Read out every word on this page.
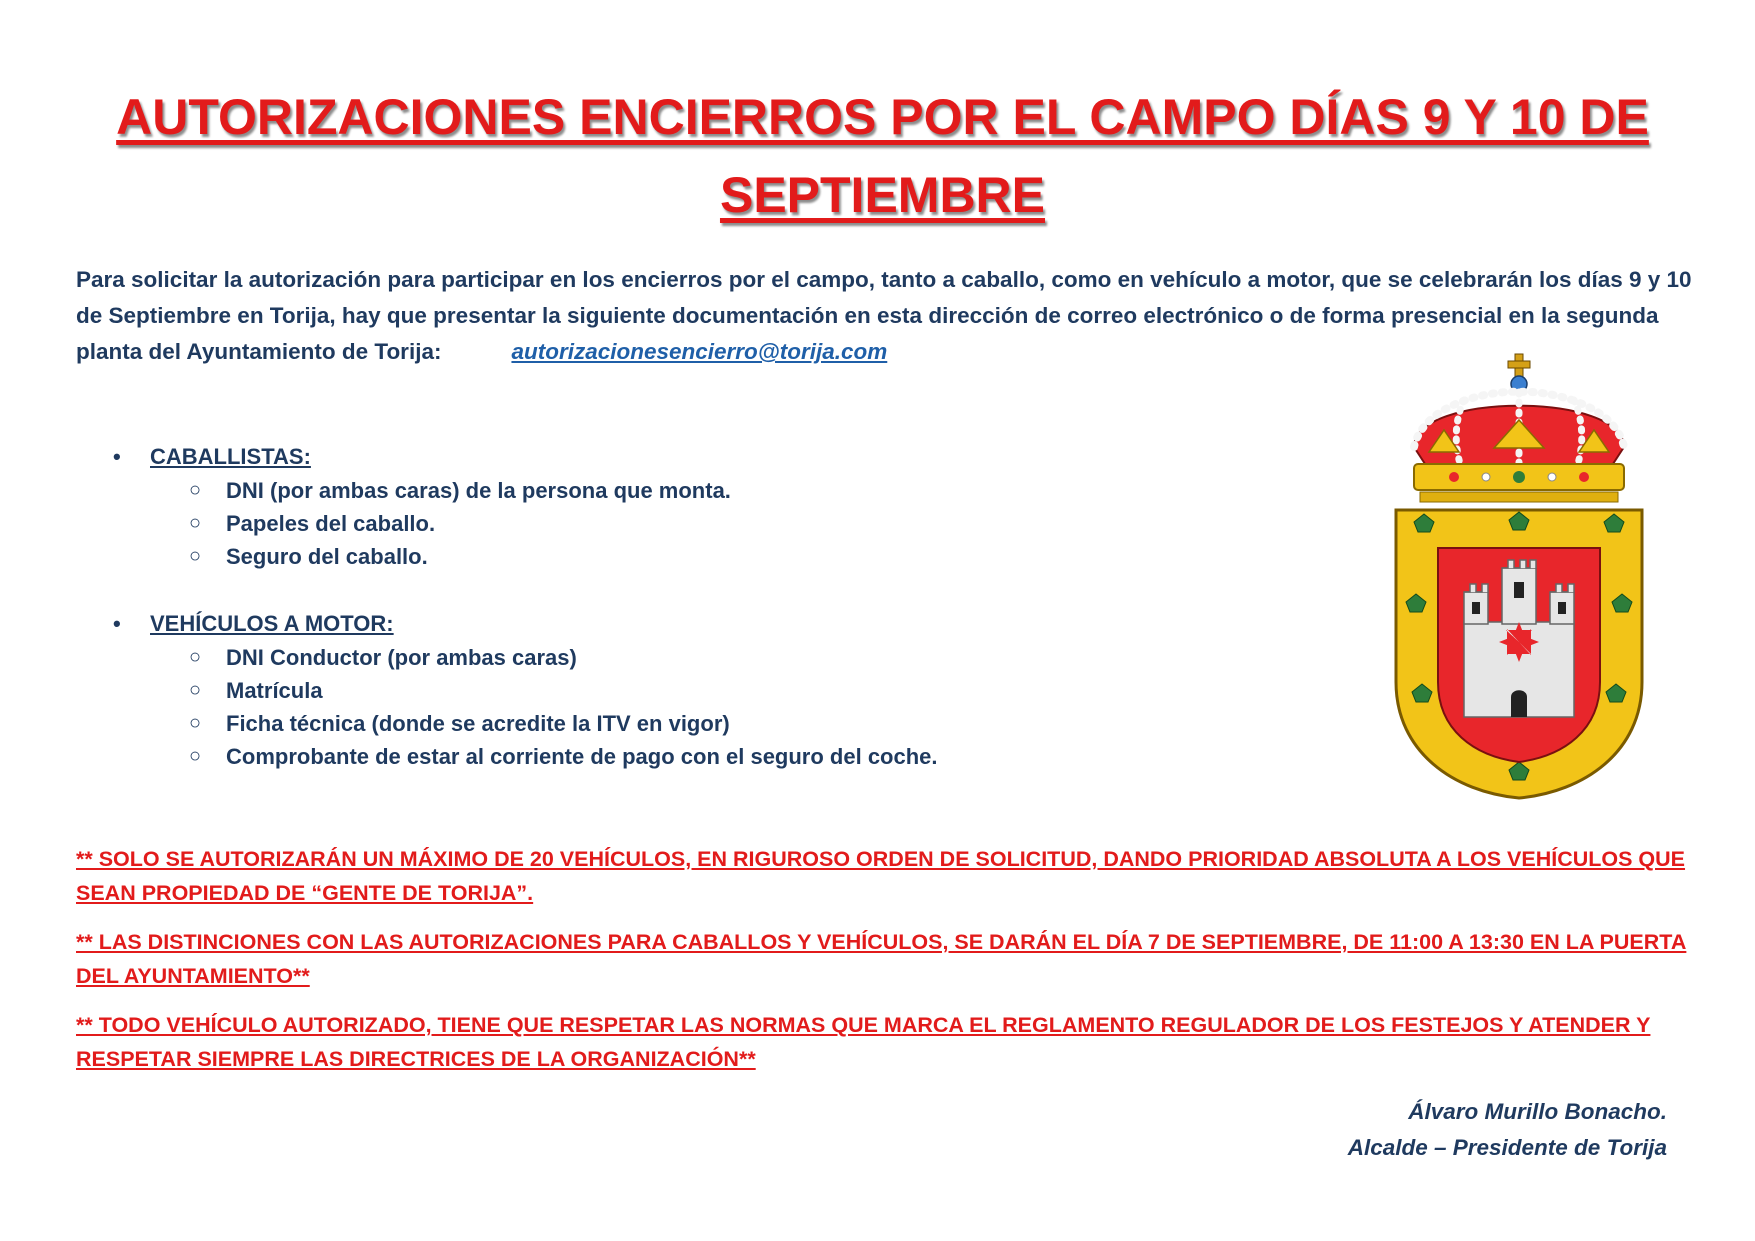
AUTORIZACIONES ENCIERROS POR EL CAMPO DÍAS 9 Y 10 DE
SEPTIEMBRE
Para solicitar la autorización para participar en los encierros por el campo, tanto a caballo, como en vehículo a motor, que se celebrarán los días 9 y 10 de Septiembre en Torija, hay que presentar la siguiente documentación en esta dirección de correo electrónico o de forma presencial en la segunda planta del Ayuntamiento de Torija:	autorizacionesencierro@torija.com
• CABALLISTAS:
○ DNI (por ambas caras) de la persona que monta.
○ Papeles del caballo.
○ Seguro del caballo.
• VEHÍCULOS A MOTOR:
○ DNI Conductor (por ambas caras)
○ Matrícula
○ Ficha técnica (donde se acredite la ITV en vigor)
○ Comprobante de estar al corriente de pago con el seguro del coche.
** SOLO SE AUTORIZARÁN UN MÁXIMO DE 20 VEHÍCULOS, EN RIGUROSO ORDEN DE SOLICITUD, DANDO PRIORIDAD ABSOLUTA A LOS VEHÍCULOS QUE SEAN PROPIEDAD DE “GENTE DE TORIJA”.
** LAS DISTINCIONES CON LAS AUTORIZACIONES PARA CABALLOS Y VEHÍCULOS, SE DARÁN EL DÍA 7 DE SEPTIEMBRE, DE 11:00 A 13:30 EN LA PUERTA DEL AYUNTAMIENTO**
** TODO VEHÍCULO AUTORIZADO, TIENE QUE RESPETAR LAS NORMAS QUE MARCA EL REGLAMENTO REGULADOR DE LOS FESTEJOS Y ATENDER Y RESPETAR SIEMPRE LAS DIRECTRICES DE LA ORGANIZACIÓN**
Álvaro Murillo Bonacho.
Alcalde – Presidente de Torija
